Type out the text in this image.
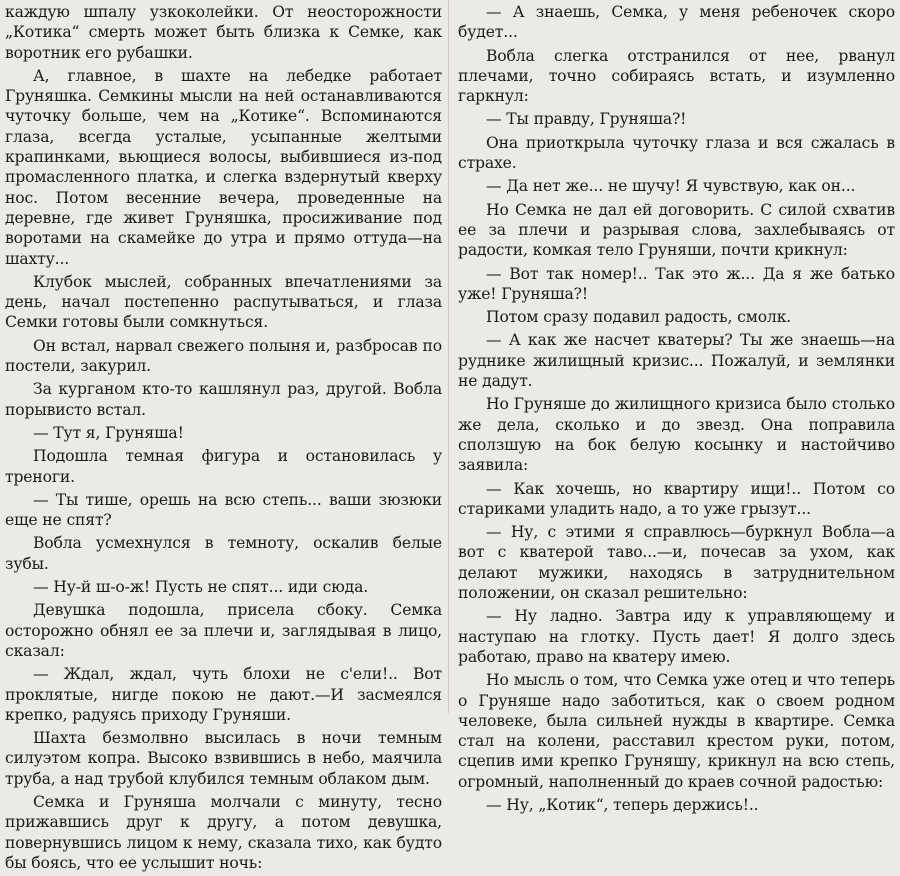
каждую шпалу узкоколейки. От неосторожности „Котика“ смерть может быть близка к Семке, как воротник его рубашки.

А, главное, в шахте на лебедке работает Груняшка. Семкины мысли на ней останавливаются чуточку больше, чем на „Котике“. Вспоминаются глаза, всегда усталые, усыпанные желтыми крапинками, вьющиеся волосы, выбившиеся из-под промасленного платка, и слегка вздернутый кверху нос. Потом весенние вечера, проведенные на деревне, где живет Груняшка, просиживание под воротами на скамейке до утра и прямо оттуда—на шахту...

Клубок мыслей, собранных впечатлениями за день, начал постепенно распутываться, и глаза Семки готовы были сомкнуться.

Он встал, нарвал свежего полыня и, разбросав по постели, закурил.

За курганом кто-то кашлянул раз, другой. Вобла порывисто встал.

— Тут я, Груняша!

Подошла темная фигура и остановилась у треноги.

— Ты тише, орешь на всю степь... ваши зюзюки еще не спят?

Вобла усмехнулся в темноту, оскалив белые зубы.

— Ну-й ш-о-ж! Пусть не спят... иди сюда.

Девушка подошла, присела сбоку. Семка осторожно обнял ее за плечи и, заглядывая в лицо, сказал:

— Ждал, ждал, чуть блохи не с'ели!.. Вот проклятые, нигде покою не дают.—И засмеялся крепко, радуясь приходу Груняши.

Шахта безмолвно высилась в ночи темным силуэтом копра. Высоко взвившись в небо, маячила труба, а над трубой клубился темным облаком дым.

Семка и Груняша молчали с минуту, тесно прижавшись друг к другу, а потом девушка, повернувшись лицом к нему, сказала тихо, как будто бы боясь, что ее услышит ночь:

— А знаешь, Семка, у меня ребеночек скоро будет...

Вобла слегка отстранился от нее, рванул плечами, точно собираясь встать, и изумленно гаркнул:

— Ты правду, Груняша?!

Она приоткрыла чуточку глаза и вся сжалась в страхе.

— Да нет же... не шучу! Я чувствую, как он...

Но Семка не дал ей договорить. С силой схватив ее за плечи и разрывая слова, захлебываясь от радости, комкая тело Груняши, почти крикнул:

— Вот так номер!.. Так это ж... Да я же батько уже! Груняша?!

Потом сразу подавил радость, смолк.

— А как же насчет кватеры? Ты же знаешь—на руднике жилищный кризис... Пожалуй, и землянки не дадут.

Но Груняше до жилищного кризиса было столько же дела, сколько и до звезд. Она поправила сползшую на бок белую косынку и настойчиво заявила:

— Как хочешь, но квартиру ищи!.. Потом со стариками уладить надо, а то уже грызут...

— Ну, с этими я справлюсь—буркнул Вобла—а вот с кватерой таво...—и, почесав за ухом, как делают мужики, находясь в затруднительном положении, он сказал решительно:

— Ну ладно. Завтра иду к управляющему и наступаю на глотку. Пусть дает! Я долго здесь работаю, право на кватеру имею.

Но мысль о том, что Семка уже отец и что теперь о Груняше надо заботиться, как о своем родном человеке, была сильней нужды в квартире. Семка стал на колени, расставил крестом руки, потом, сцепив ими крепко Груняшу, крикнул на всю степь, огромный, наполненный до краев сочной радостью:

— Ну, „Котик“, теперь держись!..
